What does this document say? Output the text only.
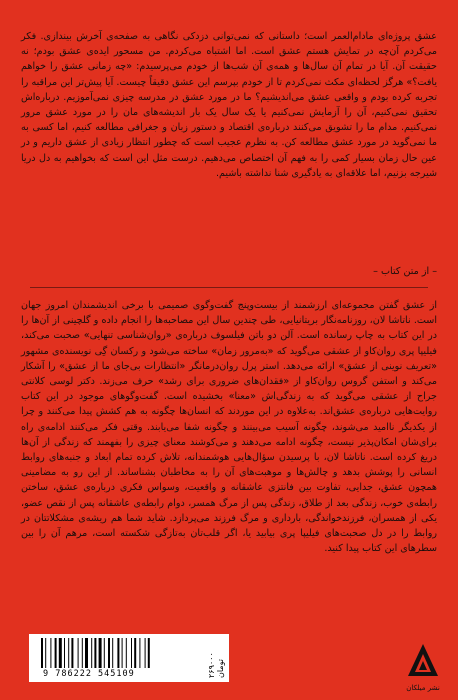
عشق پروژه‌ای مادام‌العمر است؛ داستانی که نمی‌توانی دزدکی نگاهی به صفحه‌ی آخرش بیندازی. فکر می‌کردم آن‌چه در تمایش هستم عشق است. اما اشتباه می‌کردم. من مسحور ایده‌ی عشق بودم؛ نه حقیقت آن. آیا در تمام آن سال‌ها و همه‌ی آن شب‌ها از خودم می‌پرسیدم: «چه زمانی عشق را خواهم یافت؟» هرگز لحظه‌ای مکث نمی‌کردم تا از خودم بپرسم این عشق دقیقاً چیست. آیا پیش‌تر این مراقبه را تجربه کرده بودم و واقعی عشق می‌اندیشیم؟ ما در مورد عشق در مدرسه چیزی نمی‌آموزیم. درباره‌اش تحقیق نمی‌کنیم، آن را آزمایش نمی‌کنیم یا یک سال یک بار اندیشه‌های مان را در مورد عشق مرور نمی‌کنیم. مدام ما را تشویق می‌کنند درباره‌ی اقتصاد و دستور زبان و جغرافی مطالعه کنیم، اما کسی به ما نمی‌گوید در مورد عشق مطالعه کن. به نظرم عجیب است که چطور انتظار زیادی از عشق داریم و در عین حال زمان بسیار کمی را به فهم آن اختصاص می‌دهیم. درست مثل این است که بخواهیم به دل دریا شیرجه بزنیم، اما علاقه‌ای به یادگیری شنا نداشته باشیم.

– از متن کتاب –

از عشق گفتن مجموعه‌ای ارزشمند از بیست‌وپنج گفت‌وگوی صمیمی با برخی اندیشمندان امروز جهان است. ناتاشا لان، روزنامه‌نگار بریتانیایی، طی چندین سال این مصاحبه‌ها را انجام داده و گلچینی از آن‌ها را در این کتاب به چاپ رسانده است. آلن دو باتن فیلسوف درباره‌ی «روان‌شناسی تنهایی» صحبت می‌کند، فیلیپا پری روان‌کاو از عشقی می‌گوید که «به‌مرور زمان» ساخته می‌شود و رکسان گِی نویسنده‌ی مشهور «تعریف نوینی از عشق» ارائه می‌دهد. استر پرل روان‌درمانگر «انتظارات بی‌جای ما از عشق» را آشکار می‌کند و استفن گروس روان‌کاو از «فقدان‌های ضروری برای رشد» حرف می‌زند. دکتر لوسی کلانتی جراح از عشقی می‌گوید که به زندگی‌اش «معنا» بخشیده است. گفت‌وگوهای موجود در این کتاب روایت‌هایی درباره‌ی عشق‌اند. به‌علاوه در این موردند که انسان‌ها چگونه به هم کشش پیدا می‌کنند و چرا از یکدیگر ناامید می‌شوند، چگونه آسیب می‌بینند و چگونه شفا می‌یابند. وقتی فکر می‌کنند ادامه‌ی راه برای‌شان امکان‌پذیر نیست، چگونه ادامه می‌دهند و می‌کوشند معنای چیزی را بفهمند که زندگی از آن‌ها دریغ کرده است. ناتاشا لان، با پرسیدن سؤال‌هایی هوشمندانه، تلاش کرده تمام ابعاد و جنبه‌های روابط انسانی را پوشش بدهد و چالش‌ها و موهبت‌های آن را به مخاطبان بشناساند. از این رو به مضامینی همچون عشق، جدایی، تفاوت بین فانتزی عاشقانه و واقعیت، وسواس فکری درباره‌ی عشق، ساختن رابطه‌ی خوب، زندگی بعد از طلاق، زندگی پس از مرگ همسر، دوام رابطه‌ی عاشقانه پس از نقص عضو، یکی از همسران، فرزندخواندگی، بارداری و مرگ فرزند می‌پردازد. شاید شما هم ریشه‌ی مشکلاتتان در روابط را در دل صحبت‌های فیلیپا پری بیابید یا، اگر قلب‌تان به‌تازگی شکسته است، مرهم آن را بین سطرهای این کتاب پیدا کنید.

9 786222 545109	۲۶۹۰۰۰ تومان
نشر میلکان
